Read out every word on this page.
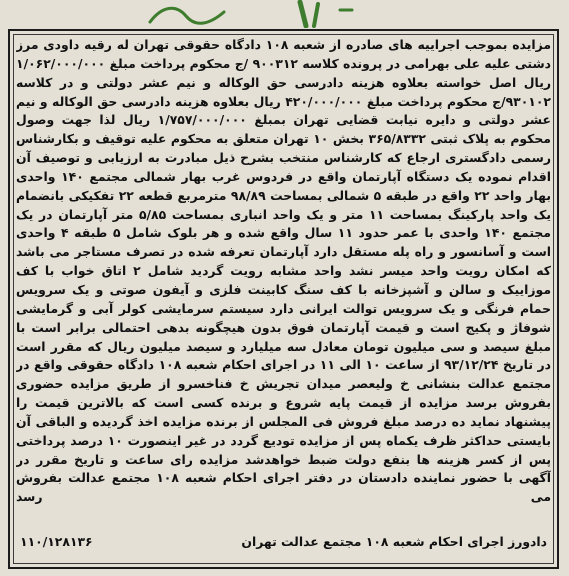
مزایده بموجب اجراییه های صادره از شعبه ۱۰۸ دادگاه حقوقی تهران له رقیه داودی مرز دشتی علیه علی بهرامی در پرونده کلاسه ۹۰۰۳۱۲ /ج محکوم پرداخت مبلغ ۱/۰۶۲/۰۰۰/۰۰۰ ریال اصل خواسته بعلاوه هزینه دادرسی حق الوکاله و نیم عشر دولتی و در کلاسه ۹۳۰۱۰۲/ج محکوم پرداخت مبلغ ۴۲۰/۰۰۰/۰۰۰ ریال بعلاوه هزینه دادرسی حق الوکاله و نیم عشر دولتی و دایره نیابت قضایی تهران بمبلغ ۱/۷۵۷/۰۰۰/۰۰۰ ریال لذا جهت وصول محکوم به پلاک ثبتی ۳۶۵/۸۳۳۲ بخش ۱۰ تهران متعلق به محکوم علیه توقیف و بکارشناس رسمی دادگستری ارجاع که کارشناس منتخب بشرح ذیل مبادرت به ارزیابی و توصیف آن اقدام نموده یک دستگاه آپارتمان واقع در فردوس غرب بهار شمالی مجتمع ۱۴۰ واحدی بهار واحد ۲۲ واقع در طبقه ۵ شمالی بمساحت ۹۸/۸۹ مترمربع قطعه ۲۲ تفکیکی بانضمام یک واحد پارکینگ بمساحت ۱۱ متر و یک واحد انباری بمساحت ۵/۸۵ متر آپارتمان در یک مجتمع ۱۴۰ واحدی با عمر حدود ۱۱ سال واقع شده و هر بلوک شامل ۵ طبقه ۴ واحدی است و آسانسور و راه پله مستقل دارد آپارتمان تعرفه شده در تصرف مستاجر می باشد که امکان رویت واحد میسر نشد واحد مشابه رویت گردید شامل ۲ اتاق خواب با کف موزاییک و سالن و آشپزخانه با کف سنگ کابینت فلزی و آیفون صوتی و یک سرویس حمام فرنگی و یک سرویس توالت ایرانی دارد سیستم سرمایشی کولر آبی و گرمایشی شوفاژ و پکیج است و قیمت آپارتمان فوق بدون هیچگونه بدهی احتمالی برابر است با مبلغ سیصد و سی میلیون تومان معادل سه میلیارد و سیصد میلیون ریال که مقرر است در تاریخ ۹۳/۱۲/۲۴ از ساعت ۱۰ الی ۱۱ در اجرای احکام شعبه ۱۰۸ دادگاه حقوقی واقع در مجتمع عدالت بنشانی خ ولیعصر میدان تجریش خ فناخسرو از طریق مزایده حضوری بفروش برسد مزایده از قیمت پایه شروع و برنده کسی است که بالاترین قیمت را پیشنهاد نماید ده درصد مبلغ فروش فی المجلس از برنده مزایده اخذ گردیده و الباقی آن بایستی حداکثر ظرف یکماه پس از مزایده تودیع گردد در غیر اینصورت ۱۰ درصد پرداختی پس از کسر هزینه ها بنفع دولت ضبط خواهدشد مزایده رای ساعت و تاریخ مقرر در آگهی با حضور نماینده دادستان در دفتر اجرای احکام شعبه ۱۰۸ مجتمع عدالت بفروش می رسد

دادورز اجرای احکام شعبه ۱۰۸ مجتمع عدالت تهران
۱۱۰/۱۲۸۱۳۶
